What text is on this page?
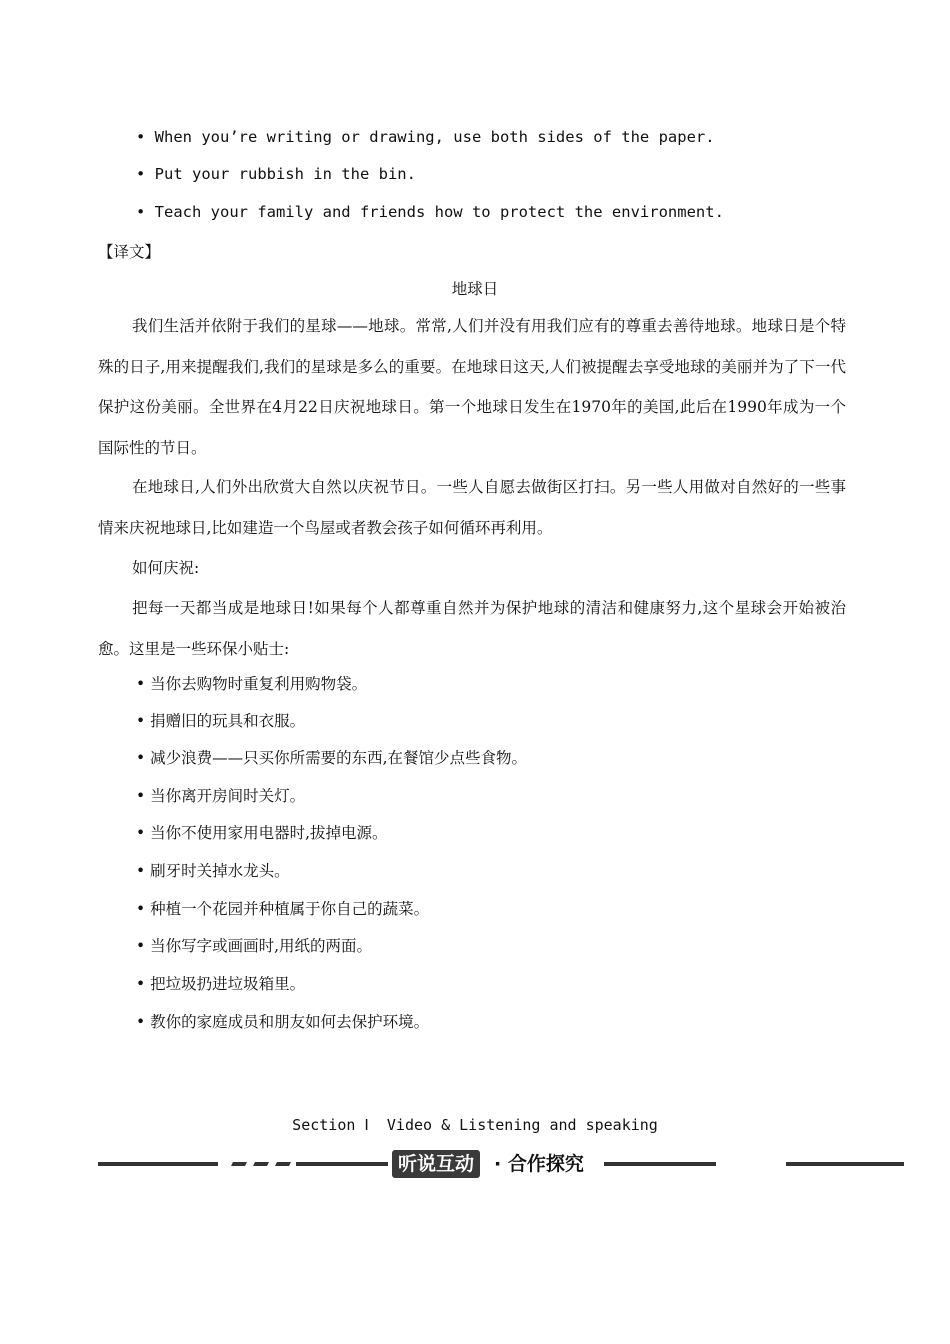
• When you’re writing or drawing, use both sides of the paper.
• Put your rubbish in the bin.
• Teach your family and friends how to protect the environment.
【译文】
地球日
我们生活并依附于我们的星球——地球。常常,人们并没有用我们应有的尊重去善待地球。地球日是个特殊的日子,用来提醒我们,我们的星球是多么的重要。在地球日这天,人们被提醒去享受地球的美丽并为了下一代保护这份美丽。全世界在4月22日庆祝地球日。第一个地球日发生在1970年的美国,此后在1990年成为一个国际性的节日。
在地球日,人们外出欣赏大自然以庆祝节日。一些人自愿去做街区打扫。另一些人用做对自然好的一些事情来庆祝地球日,比如建造一个鸟屋或者教会孩子如何循环再利用。
如何庆祝:
把每一天都当成是地球日!如果每个人都尊重自然并为保护地球的清洁和健康努力,这个星球会开始被治愈。这里是一些环保小贴士:
• 当你去购物时重复利用购物袋。
• 捐赠旧的玩具和衣服。
• 减少浪费——只买你所需要的东西,在餐馆少点些食物。
• 当你离开房间时关灯。
• 当你不使用家用电器时,拔掉电源。
• 刷牙时关掉水龙头。
• 种植一个花园并种植属于你自己的蔬菜。
• 当你写字或画画时,用纸的两面。
• 把垃圾扔进垃圾箱里。
• 教你的家庭成员和朋友如何去保护环境。
Section Ⅰ  Video & Listening and speaking
听说互动	· 合作探究
